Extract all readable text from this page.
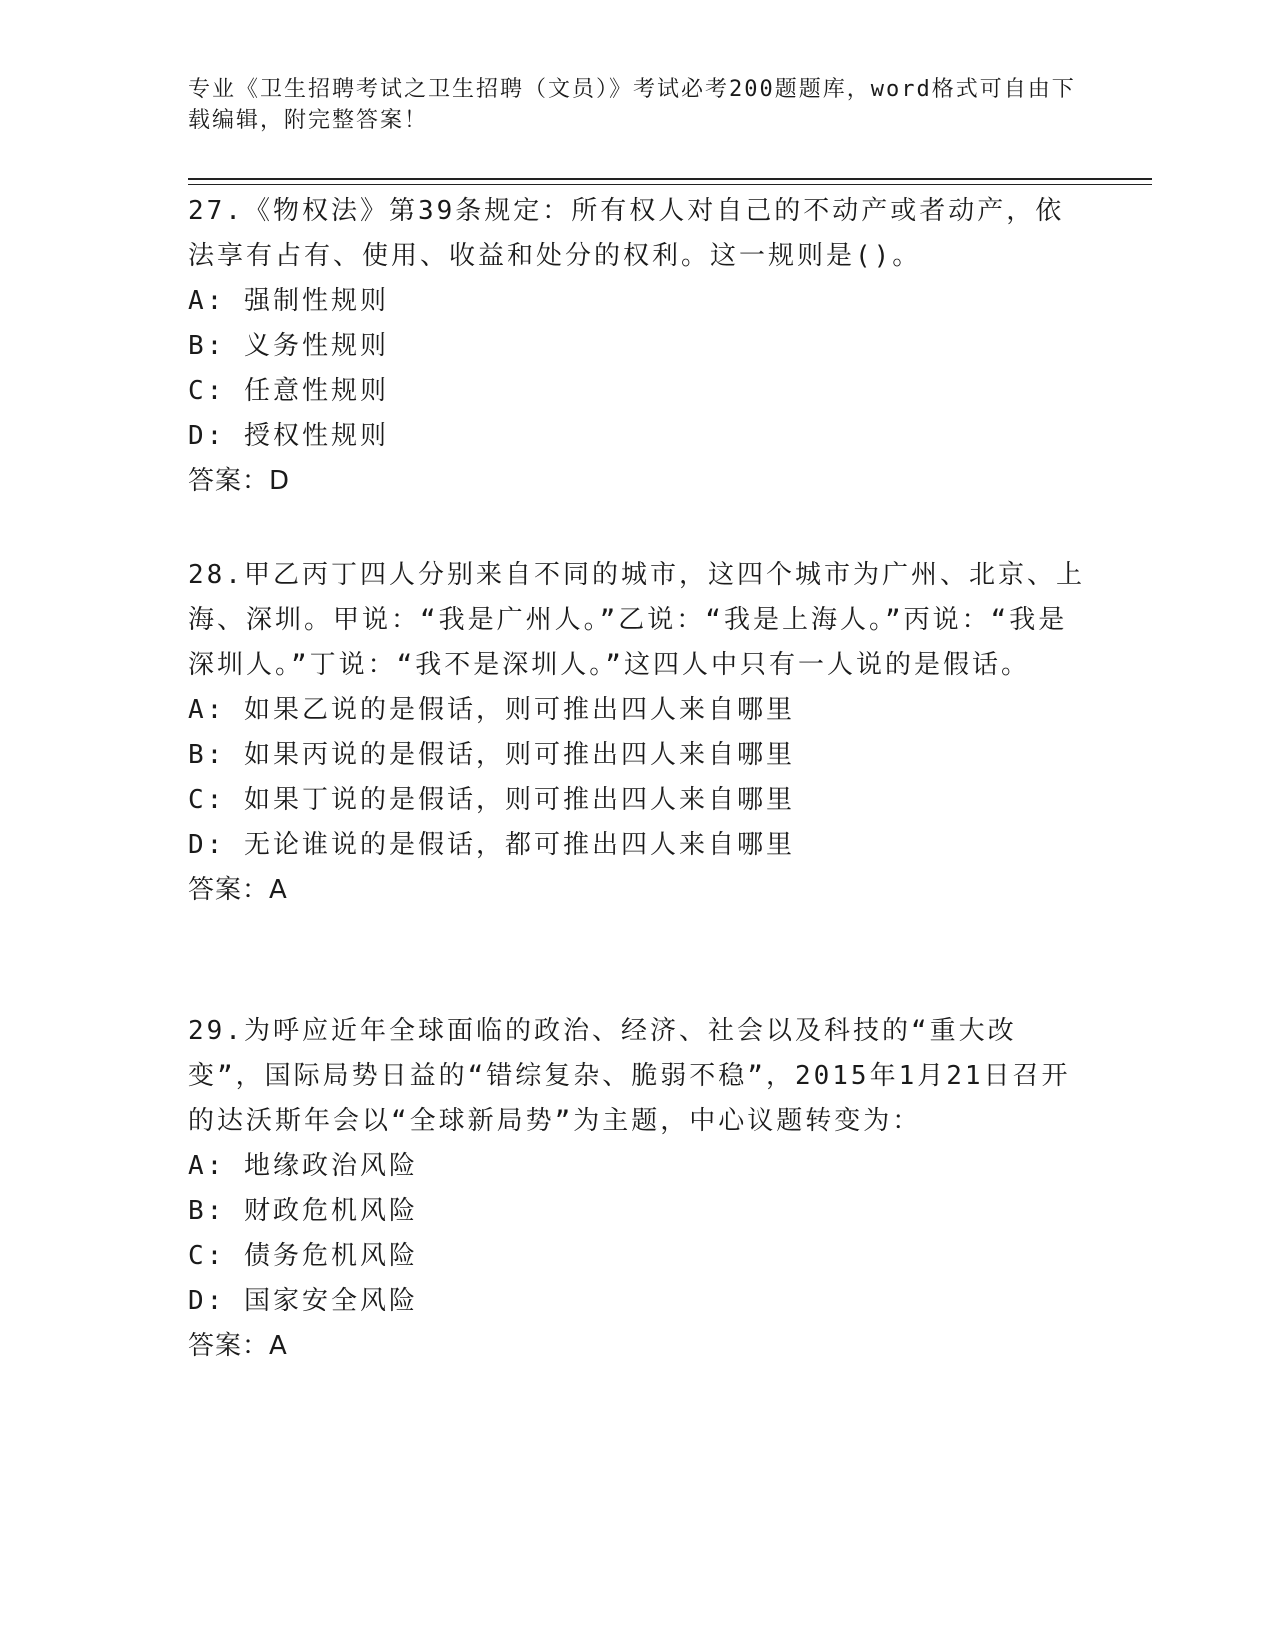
专业《卫生招聘考试之卫生招聘（文员）》考试必考200题题库，word格式可自由下载编辑，附完整答案！

27.《物权法》第39条规定：所有权人对自己的不动产或者动产，依法享有占有、使用、收益和处分的权利。这一规则是()。

A: 强制性规则

B: 义务性规则

C: 任意性规则

D: 授权性规则

答案：D

28.甲乙丙丁四人分别来自不同的城市，这四个城市为广州、北京、上海、深圳。甲说：“我是广州人。”乙说：“我是上海人。”丙说：“我是深圳人。”丁说：“我不是深圳人。”这四人中只有一人说的是假话。

A: 如果乙说的是假话，则可推出四人来自哪里

B: 如果丙说的是假话，则可推出四人来自哪里

C: 如果丁说的是假话，则可推出四人来自哪里

D: 无论谁说的是假话，都可推出四人来自哪里

答案：A

29.为呼应近年全球面临的政治、经济、社会以及科技的“重大改变”，国际局势日益的“错综复杂、脆弱不稳”，2015年1月21日召开的达沃斯年会以“全球新局势”为主题，中心议题转变为：

A: 地缘政治风险

B: 财政危机风险

C: 债务危机风险

D: 国家安全风险

答案：A
